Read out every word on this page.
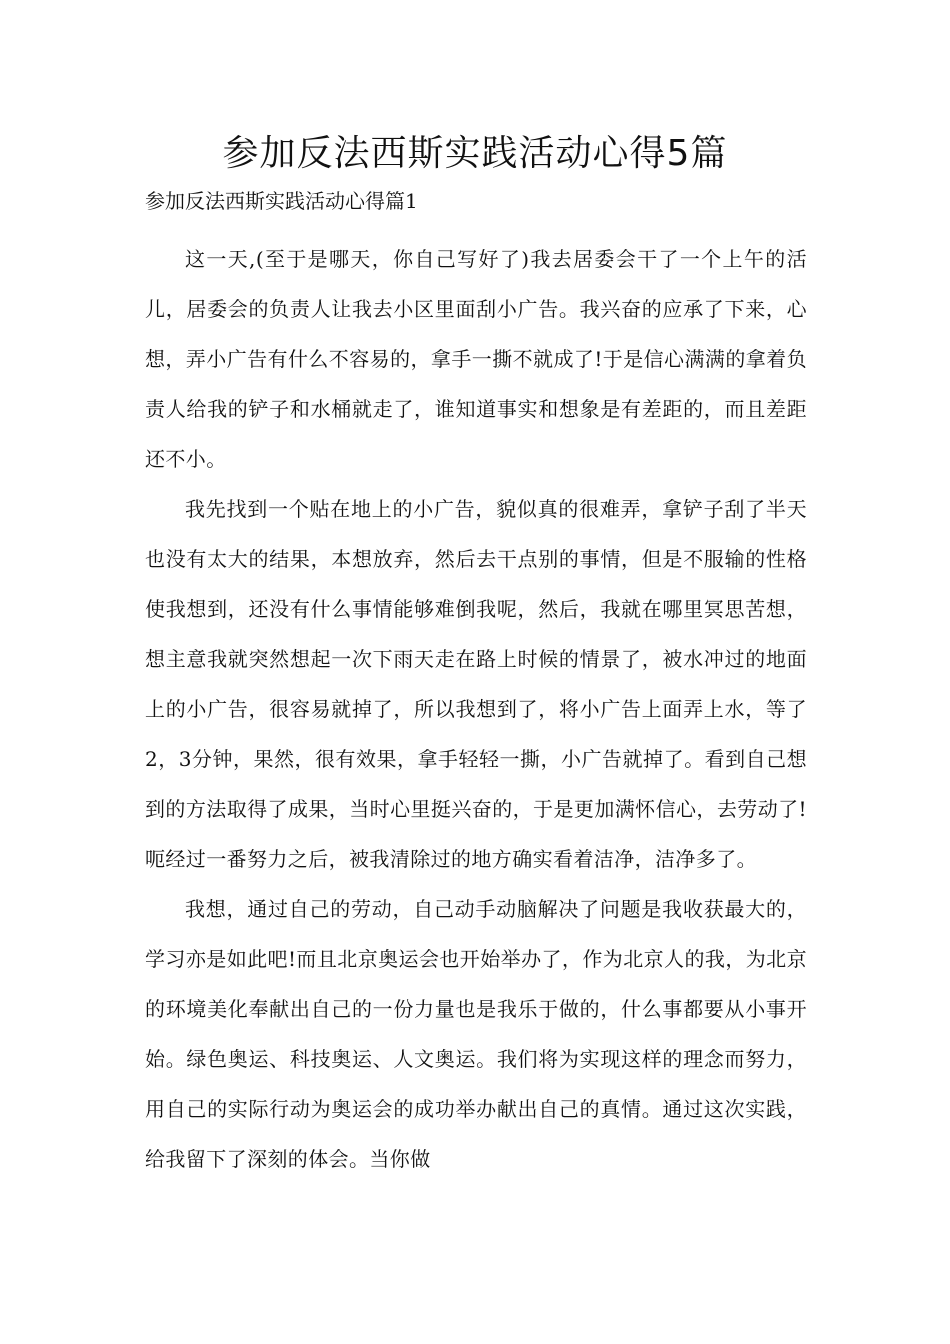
参加反法西斯实践活动心得5篇

参加反法西斯实践活动心得篇1

这一天,(至于是哪天，你自己写好了)我去居委会干了一个上午的活儿，居委会的负责人让我去小区里面刮小广告。我兴奋的应承了下来，心想，弄小广告有什么不容易的，拿手一撕不就成了!于是信心满满的拿着负责人给我的铲子和水桶就走了，谁知道事实和想象是有差距的，而且差距还不小。

我先找到一个贴在地上的小广告，貌似真的很难弄，拿铲子刮了半天也没有太大的结果，本想放弃，然后去干点别的事情，但是不服输的性格使我想到，还没有什么事情能够难倒我呢，然后，我就在哪里冥思苦想，想主意我就突然想起一次下雨天走在路上时候的情景了，被水冲过的地面上的小广告，很容易就掉了，所以我想到了，将小广告上面弄上水，等了2，3分钟，果然，很有效果，拿手轻轻一撕，小广告就掉了。看到自己想到的方法取得了成果，当时心里挺兴奋的，于是更加满怀信心，去劳动了!呃经过一番努力之后，被我清除过的地方确实看着洁净，洁净多了。

我想，通过自己的劳动，自己动手动脑解决了问题是我收获最大的，学习亦是如此吧!而且北京奥运会也开始举办了，作为北京人的我，为北京的环境美化奉献出自己的一份力量也是我乐于做的，什么事都要从小事开始。绿色奥运、科技奥运、人文奥运。我们将为实现这样的理念而努力，用自己的实际行动为奥运会的成功举办献出自己的真情。通过这次实践，给我留下了深刻的体会。当你做
